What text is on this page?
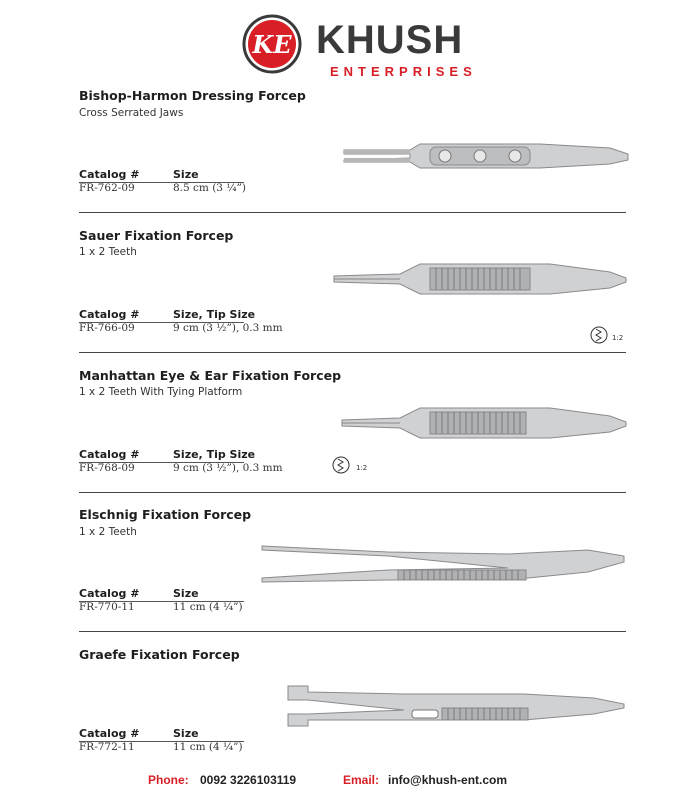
KE KHUSH
ENTERPRISES
Bishop-Harmon Dressing Forcep
Cross Serrated Jaws
Catalog #	Size
FR-762-09	8.5 cm (3 ¼”)
Sauer Fixation Forcep
1 x 2 Teeth
Catalog #	Size, Tip Size
FR-766-09	9 cm (3 ½”), 0.3 mm
1:2
Manhattan Eye & Ear Fixation Forcep
1 x 2 Teeth With Tying Platform
Catalog #	Size, Tip Size
FR-768-09	9 cm (3 ½”), 0.3 mm	1:2
Elschnig Fixation Forcep
1 x 2 Teeth
Catalog #	Size
FR-770-11	11 cm (4 ¼”)
Graefe Fixation Forcep
Catalog #	Size
FR-772-11	11 cm (4 ¼”)
Phone: 0092 3226103119	Email: info@khush-ent.com
